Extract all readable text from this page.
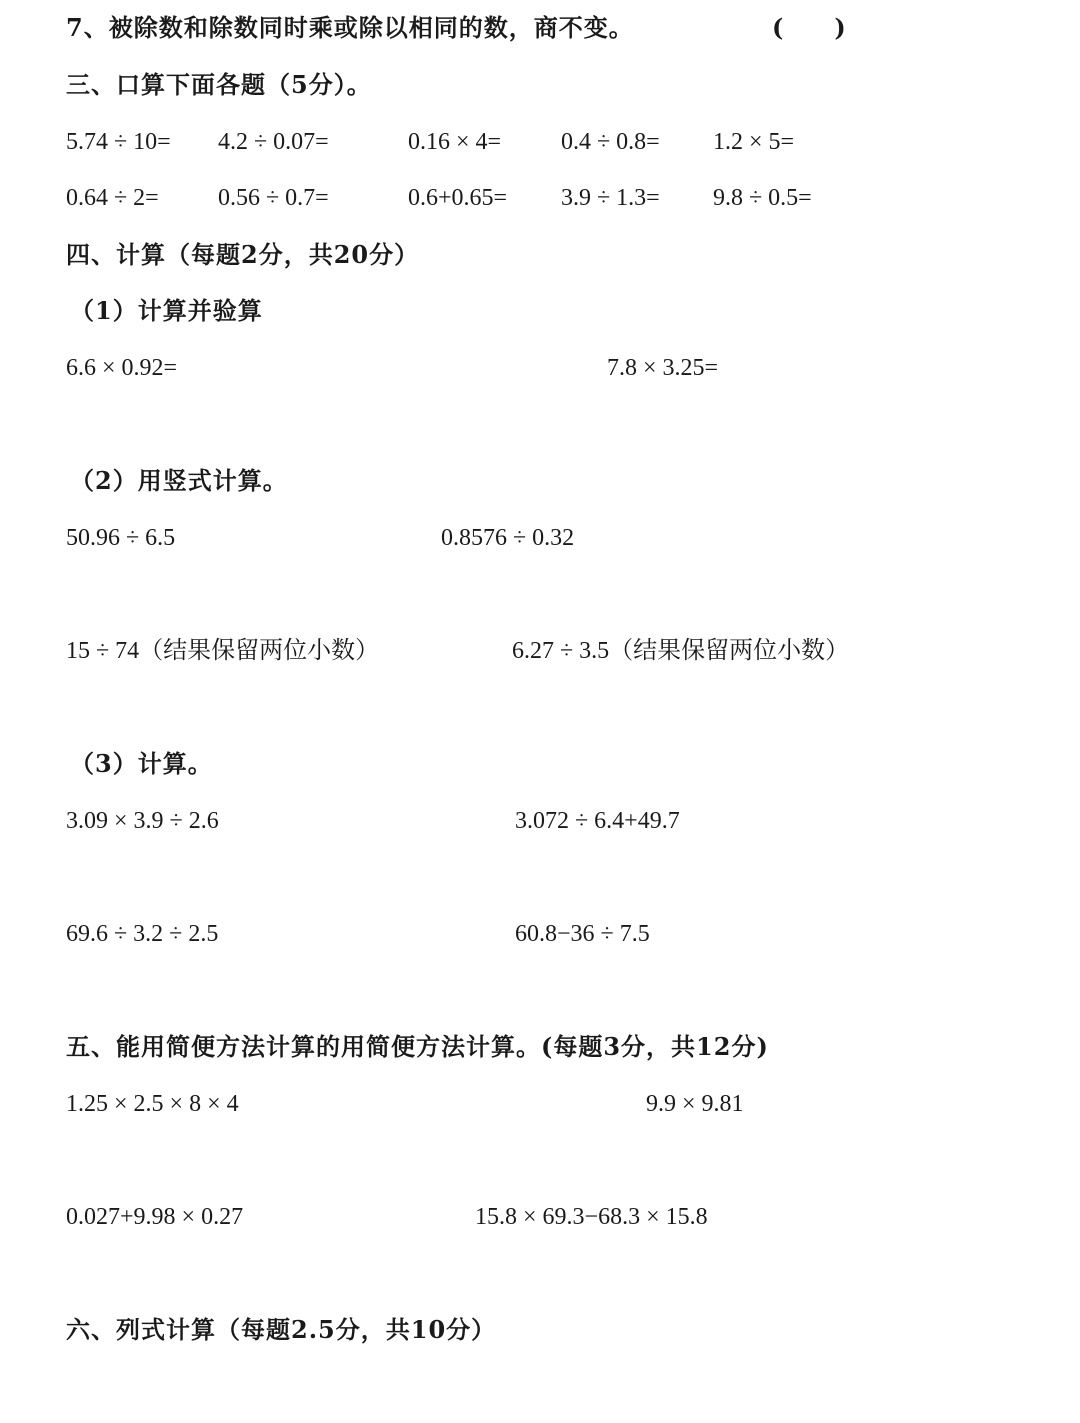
7、被除数和除数同时乘或除以相同的数，商不变。	(　　)
三、口算下面各题（5分）。
5.74 ÷ 10= 4.2 ÷ 0.07=	0.16 × 4= 0.4 ÷ 0.8= 1.2 × 5=
0.64 ÷ 2= 0.56 ÷ 0.7=	0.6+0.65= 3.9 ÷ 1.3= 9.8 ÷ 0.5=
四、计算（每题2分，共20分）
（1）计算并验算
6.6 × 0.92=	7.8 × 3.25=
（2）用竖式计算。
50.96 ÷ 6.5	0.8576 ÷ 0.32
15 ÷ 74（结果保留两位小数）	6.27 ÷ 3.5（结果保留两位小数）
（3）计算。
3.09 × 3.9 ÷ 2.6	3.072 ÷ 6.4+49.7
69.6 ÷ 3.2 ÷ 2.5	60.8−36 ÷ 7.5
五、能用简便方法计算的用简便方法计算。(每题3分，共12分)
1.25 × 2.5 × 8 × 4	9.9 × 9.81
0.027+9.98 × 0.27	15.8 × 69.3−68.3 × 15.8
六、列式计算（每题2.5分，共10分）
